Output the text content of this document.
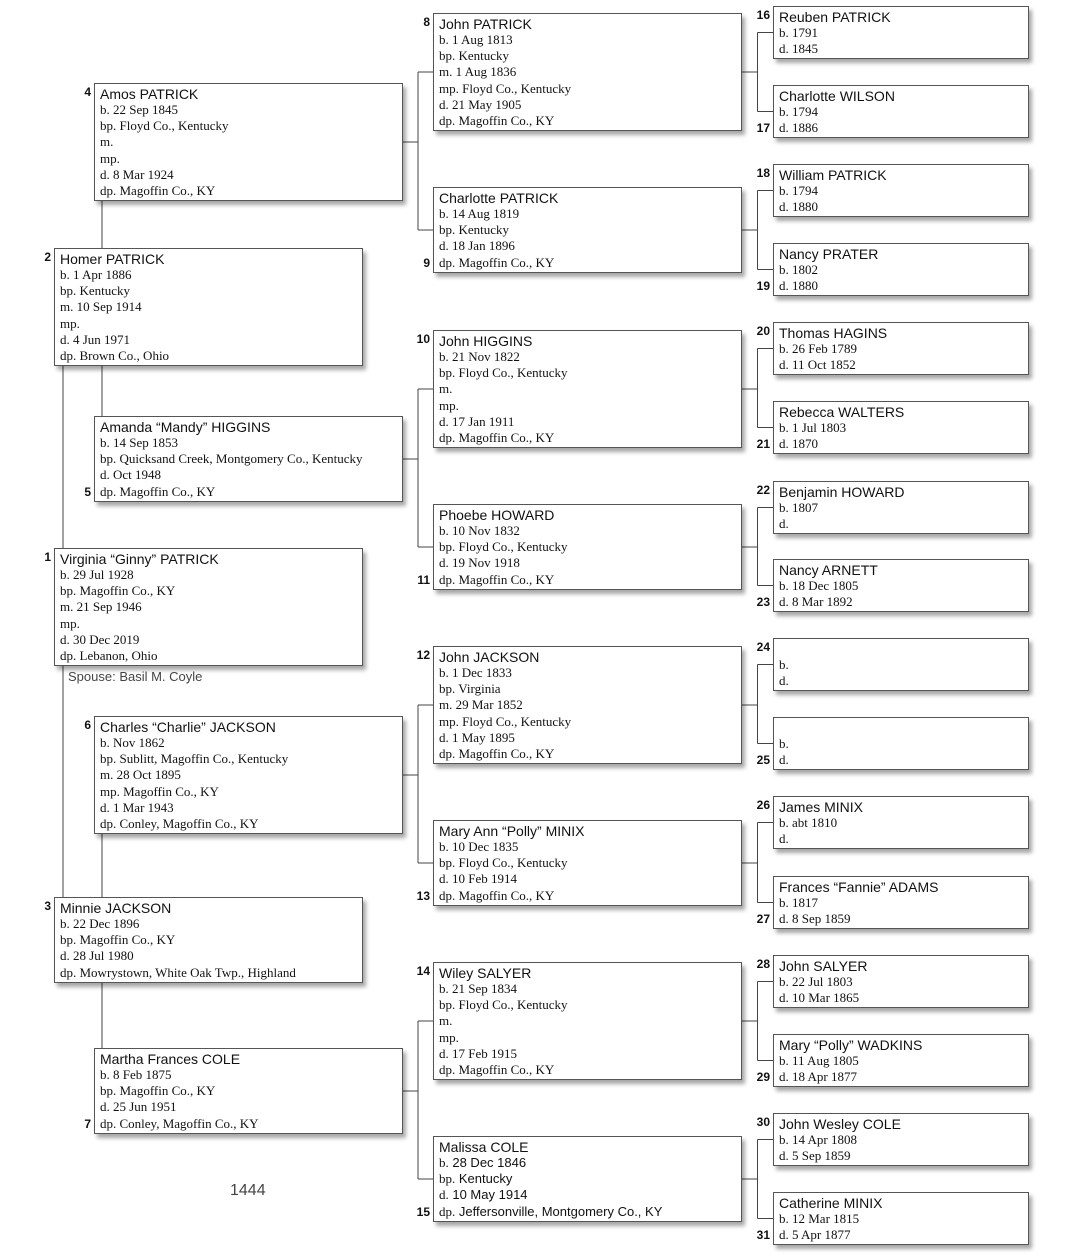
Virginia “Ginny” PATRICK
b. 29 Jul 1928
bp. Magoffin Co., KY
m. 21 Sep 1946
mp.
d. 30 Dec 2019
dp. Lebanon, Ohio
1
Homer PATRICK
b. 1 Apr 1886
bp. Kentucky
m. 10 Sep 1914
mp.
d. 4 Jun 1971
dp. Brown Co., Ohio
2
Minnie JACKSON
b. 22 Dec 1896
bp. Magoffin Co., KY
d. 28 Jul 1980
dp. Mowrystown, White Oak Twp., Highland
3
Amos PATRICK
b. 22 Sep 1845
bp. Floyd Co., Kentucky
m.
mp.
d. 8 Mar 1924
dp. Magoffin Co., KY
4
Amanda “Mandy” HIGGINS
b. 14 Sep 1853
bp. Quicksand Creek, Montgomery Co., Kentucky
d. Oct 1948
dp. Magoffin Co., KY
5
Charles “Charlie” JACKSON
b. Nov 1862
bp. Sublitt, Magoffin Co., Kentucky
m. 28 Oct 1895
mp. Magoffin Co., KY
d. 1 Mar 1943
dp. Conley, Magoffin Co., KY
6
Martha Frances COLE
b. 8 Feb 1875
bp. Magoffin Co., KY
d. 25 Jun 1951
dp. Conley, Magoffin Co., KY
7
John PATRICK
b. 1 Aug 1813
bp. Kentucky
m. 1 Aug 1836
mp. Floyd Co., Kentucky
d. 21 May 1905
dp. Magoffin Co., KY
8
Charlotte PATRICK
b. 14 Aug 1819
bp. Kentucky
d. 18 Jan 1896
dp. Magoffin Co., KY
9
John HIGGINS
b. 21 Nov 1822
bp. Floyd Co., Kentucky
m.
mp.
d. 17 Jan 1911
dp. Magoffin Co., KY
10
Phoebe HOWARD
b. 10 Nov 1832
bp. Floyd Co., Kentucky
d. 19 Nov 1918
dp. Magoffin Co., KY
11
John JACKSON
b. 1 Dec 1833
bp. Virginia
m. 29 Mar 1852
mp. Floyd Co., Kentucky
d. 1 May 1895
dp. Magoffin Co., KY
12
Mary Ann “Polly” MINIX
b. 10 Dec 1835
bp. Floyd Co., Kentucky
d. 10 Feb 1914
dp. Magoffin Co., KY
13
Wiley SALYER
b. 21 Sep 1834
bp. Floyd Co., Kentucky
m.
mp.
d. 17 Feb 1915
dp. Magoffin Co., KY
14
Malissa COLE
b. 28 Dec 1846
bp. Kentucky
d. 10 May 1914
dp. Jeffersonville, Montgomery Co., KY
15
Reuben PATRICK
b. 1791
d. 1845
16
Charlotte WILSON
b. 1794
d. 1886
17
William PATRICK
b. 1794
d. 1880
18
Nancy PRATER
b. 1802
d. 1880
19
Thomas HAGINS
b. 26 Feb 1789
d. 11 Oct 1852
20
Rebecca WALTERS
b. 1 Jul 1803
d. 1870
21
Benjamin HOWARD
b. 1807
d.
22
Nancy ARNETT
b. 18 Dec 1805
d. 8 Mar 1892
23

b.
d.
24

b.
d.
25
James MINIX
b. abt 1810
d.
26
Frances “Fannie” ADAMS
b. 1817
d. 8 Sep 1859
27
John SALYER
b. 22 Jul 1803
d. 10 Mar 1865
28
Mary “Polly” WADKINS
b. 11 Aug 1805
d. 18 Apr 1877
29
John Wesley COLE
b. 14 Apr 1808
d. 5 Sep 1859
30
Catherine MINIX
b. 12 Mar 1815
d. 5 Apr 1877
31
Spouse: Basil M. Coyle
1444
